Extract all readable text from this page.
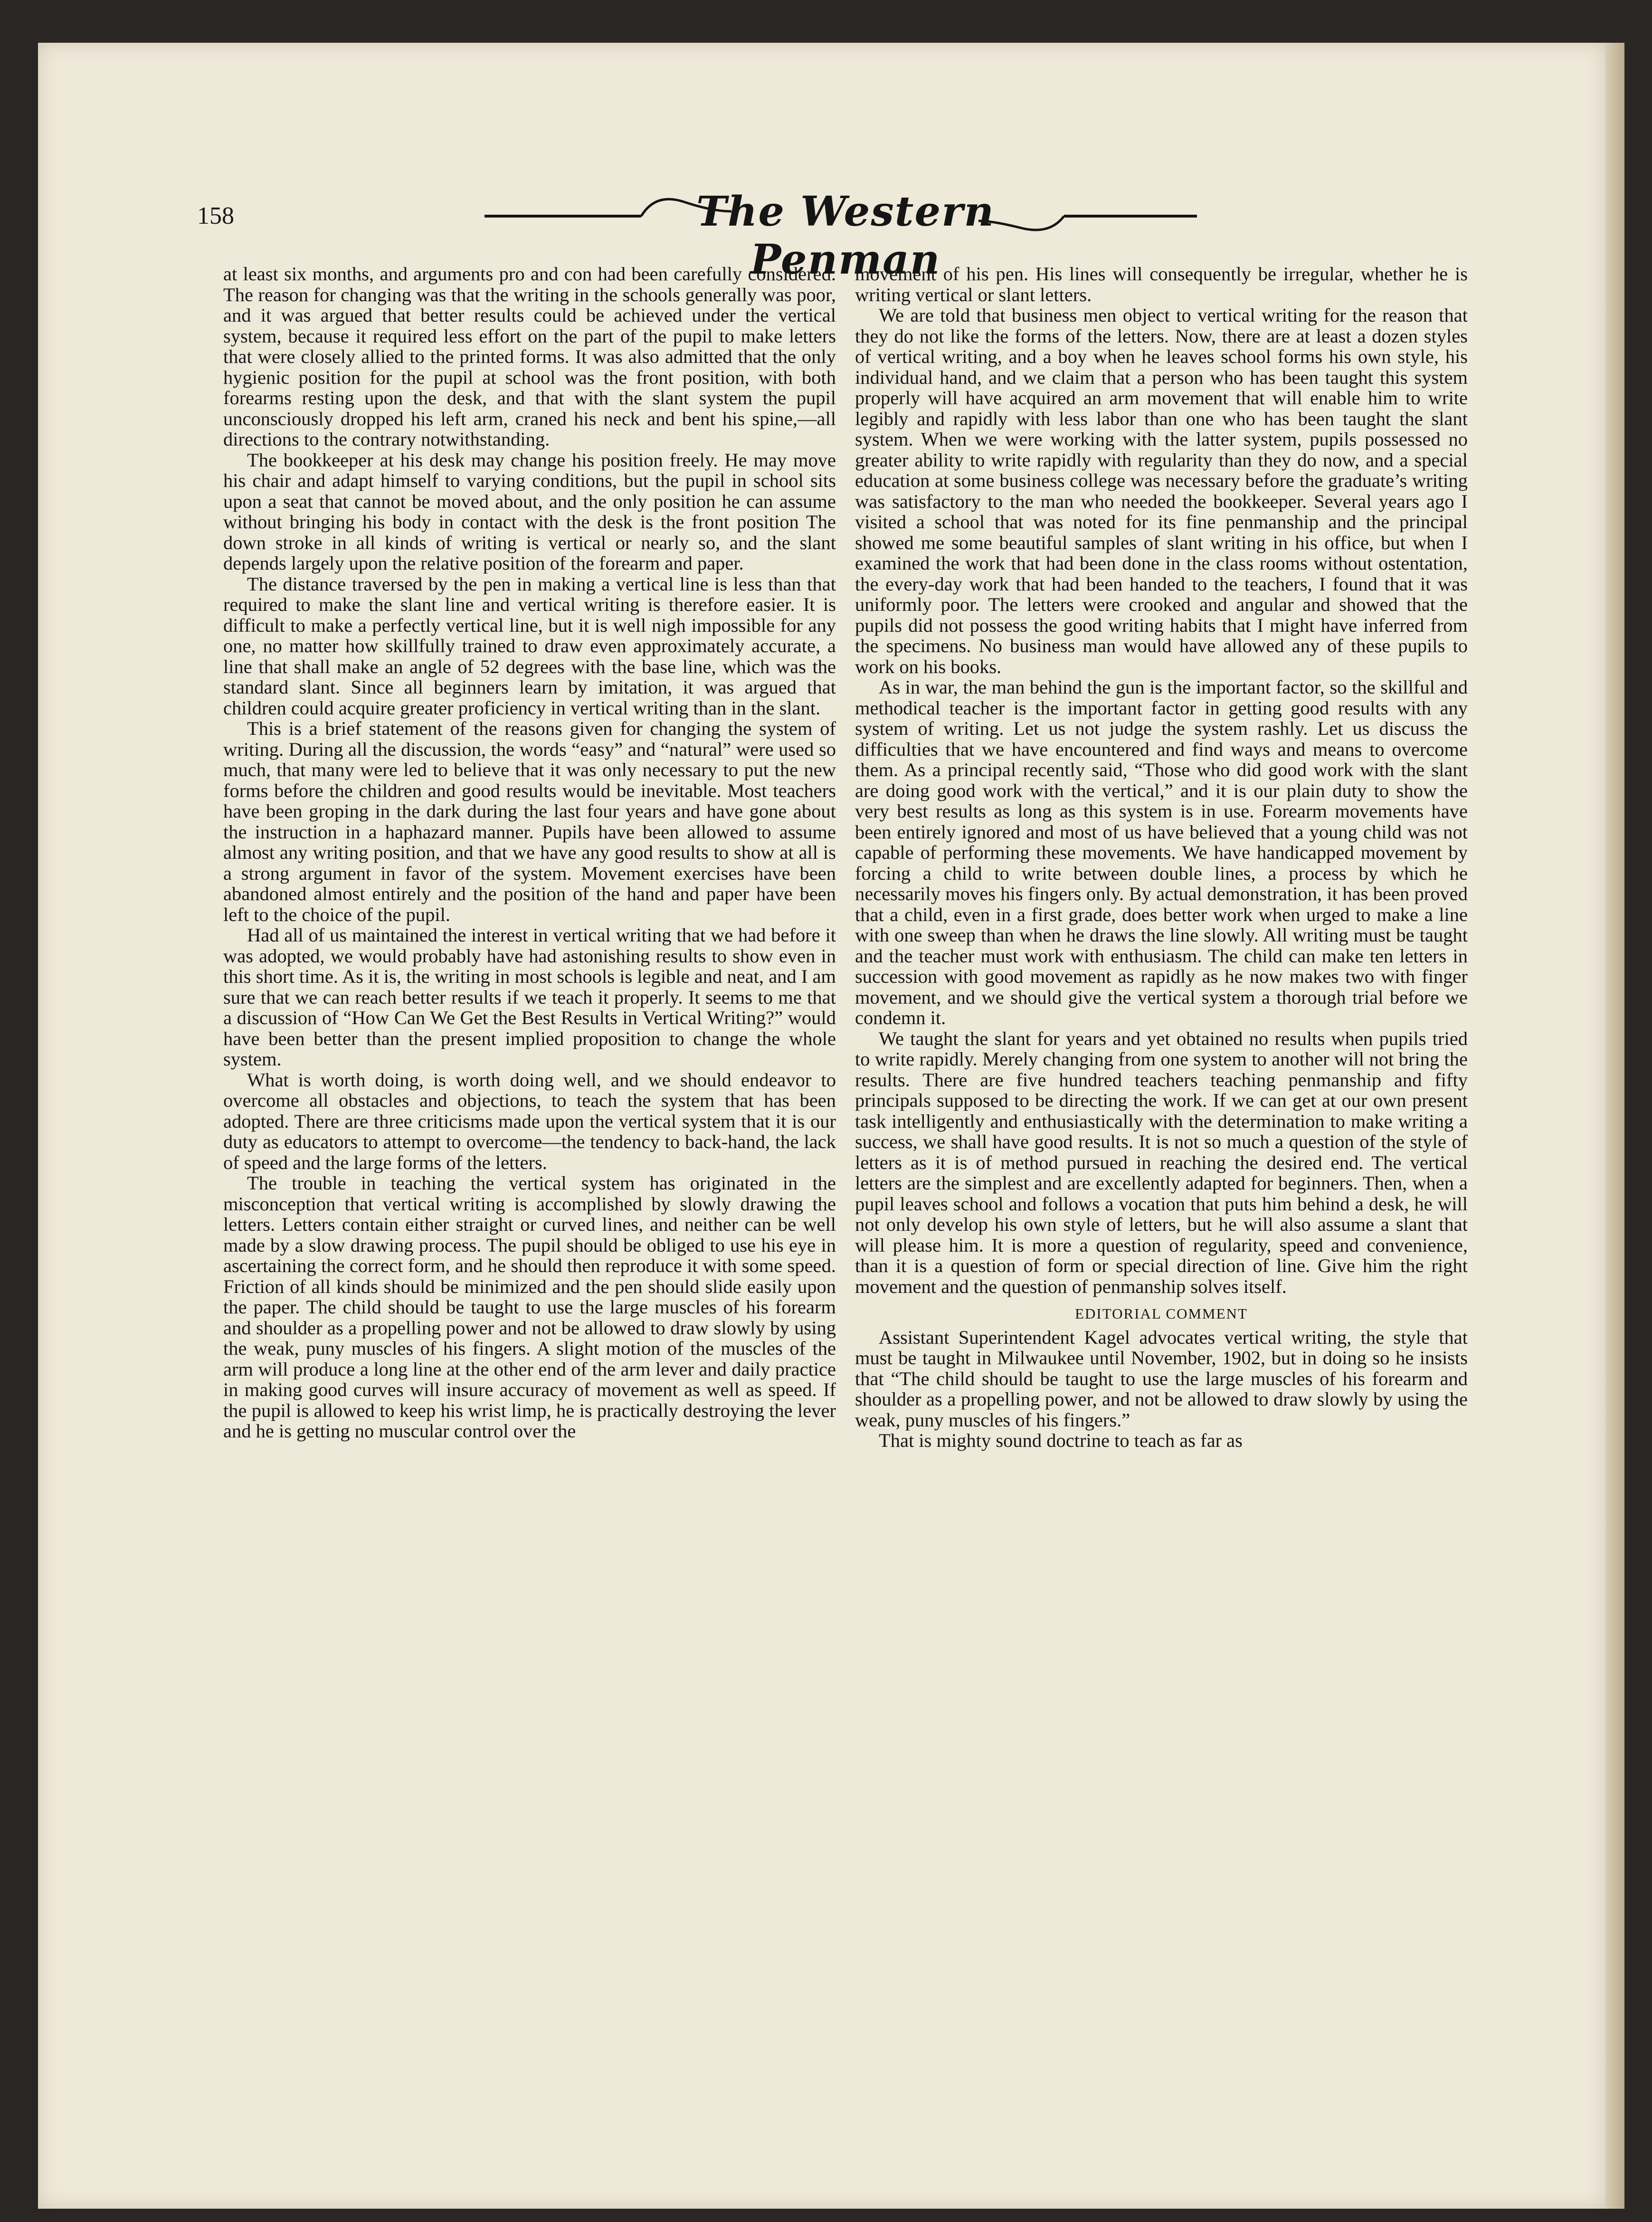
158	The Western Penman

at least six months, and arguments pro and con had been carefully considered. The reason for changing was that the writing in the schools generally was poor, and it was argued that better results could be achieved under the vertical system, because it required less effort on the part of the pupil to make letters that were closely allied to the printed forms. It was also admitted that the only hygienic position for the pupil at school was the front position, with both forearms resting upon the desk, and that with the slant system the pupil unconsciously dropped his left arm, craned his neck and bent his spine,—all directions to the contrary notwithstanding.

The bookkeeper at his desk may change his position freely. He may move his chair and adapt himself to varying conditions, but the pupil in school sits upon a seat that cannot be moved about, and the only position he can assume without bringing his body in contact with the desk is the front position The down stroke in all kinds of writing is vertical or nearly so, and the slant depends largely upon the relative position of the forearm and paper.

The distance traversed by the pen in making a vertical line is less than that required to make the slant line and vertical writing is therefore easier. It is difficult to make a perfectly vertical line, but it is well nigh impossible for any one, no matter how skillfully trained to draw even approximately accurate, a line that shall make an angle of 52 degrees with the base line, which was the standard slant. Since all beginners learn by imitation, it was argued that children could acquire greater proficiency in vertical writing than in the slant.

This is a brief statement of the reasons given for changing the system of writing. During all the discussion, the words “easy” and “natural” were used so much, that many were led to believe that it was only necessary to put the new forms before the children and good results would be inevitable. Most teachers have been groping in the dark during the last four years and have gone about the instruction in a haphazard manner. Pupils have been allowed to assume almost any writing position, and that we have any good results to show at all is a strong argument in favor of the system. Movement exercises have been abandoned almost entirely and the position of the hand and paper have been left to the choice of the pupil.

Had all of us maintained the interest in vertical writing that we had before it was adopted, we would probably have had astonishing results to show even in this short time. As it is, the writing in most schools is legible and neat, and I am sure that we can reach better results if we teach it properly. It seems to me that a discussion of “How Can We Get the Best Results in Vertical Writing?” would have been better than the present implied proposition to change the whole system.

What is worth doing, is worth doing well, and we should endeavor to overcome all obstacles and objections, to teach the system that has been adopted. There are three criticisms made upon the vertical system that it is our duty as educators to attempt to overcome—the tendency to back-hand, the lack of speed and the large forms of the letters.

The trouble in teaching the vertical system has originated in the misconception that vertical writing is accomplished by slowly drawing the letters. Letters contain either straight or curved lines, and neither can be well made by a slow drawing process. The pupil should be obliged to use his eye in ascertaining the correct form, and he should then reproduce it with some speed. Friction of all kinds should be minimized and the pen should slide easily upon the paper. The child should be taught to use the large muscles of his forearm and shoulder as a propelling power and not be allowed to draw slowly by using the weak, puny muscles of his fingers. A slight motion of the muscles of the arm will produce a long line at the other end of the arm lever and daily practice in making good curves will insure accuracy of movement as well as speed. If the pupil is allowed to keep his wrist limp, he is practically destroying the lever and he is getting no muscular control over the

movement of his pen. His lines will consequently be irregular, whether he is writing vertical or slant letters.

We are told that business men object to vertical writing for the reason that they do not like the forms of the letters. Now, there are at least a dozen styles of vertical writing, and a boy when he leaves school forms his own style, his individual hand, and we claim that a person who has been taught this system properly will have acquired an arm movement that will enable him to write legibly and rapidly with less labor than one who has been taught the slant system. When we were working with the latter system, pupils possessed no greater ability to write rapidly with regularity than they do now, and a special education at some business college was necessary before the graduate’s writing was satisfactory to the man who needed the bookkeeper. Several years ago I visited a school that was noted for its fine penmanship and the principal showed me some beautiful samples of slant writing in his office, but when I examined the work that had been done in the class rooms without ostentation, the every-day work that had been handed to the teachers, I found that it was uniformly poor. The letters were crooked and angular and showed that the pupils did not possess the good writing habits that I might have inferred from the specimens. No business man would have allowed any of these pupils to work on his books.

As in war, the man behind the gun is the important factor, so the skillful and methodical teacher is the important factor in getting good results with any system of writing. Let us not judge the system rashly. Let us discuss the difficulties that we have encountered and find ways and means to overcome them. As a principal recently said, “Those who did good work with the slant are doing good work with the vertical,” and it is our plain duty to show the very best results as long as this system is in use. Forearm movements have been entirely ignored and most of us have believed that a young child was not capable of performing these movements. We have handicapped movement by forcing a child to write between double lines, a process by which he necessarily moves his fingers only. By actual demonstration, it has been proved that a child, even in a first grade, does better work when urged to make a line with one sweep than when he draws the line slowly. All writing must be taught and the teacher must work with enthusiasm. The child can make ten letters in succession with good movement as rapidly as he now makes two with finger movement, and we should give the vertical system a thorough trial before we condemn it.

We taught the slant for years and yet obtained no results when pupils tried to write rapidly. Merely changing from one system to another will not bring the results. There are five hundred teachers teaching penmanship and fifty principals supposed to be directing the work. If we can get at our own present task intelligently and enthusiastically with the determination to make writing a success, we shall have good results. It is not so much a question of the style of letters as it is of method pursued in reaching the desired end. The vertical letters are the simplest and are excellently adapted for beginners. Then, when a pupil leaves school and follows a vocation that puts him behind a desk, he will not only develop his own style of letters, but he will also assume a slant that will please him. It is more a question of regularity, speed and convenience, than it is a question of form or special direction of line. Give him the right movement and the question of penmanship solves itself.

EDITORIAL COMMENT

Assistant Superintendent Kagel advocates vertical writing, the style that must be taught in Milwaukee until November, 1902, but in doing so he insists that “The child should be taught to use the large muscles of his forearm and shoulder as a propelling power, and not be allowed to draw slowly by using the weak, puny muscles of his fingers.”

That is mighty sound doctrine to teach as far as
